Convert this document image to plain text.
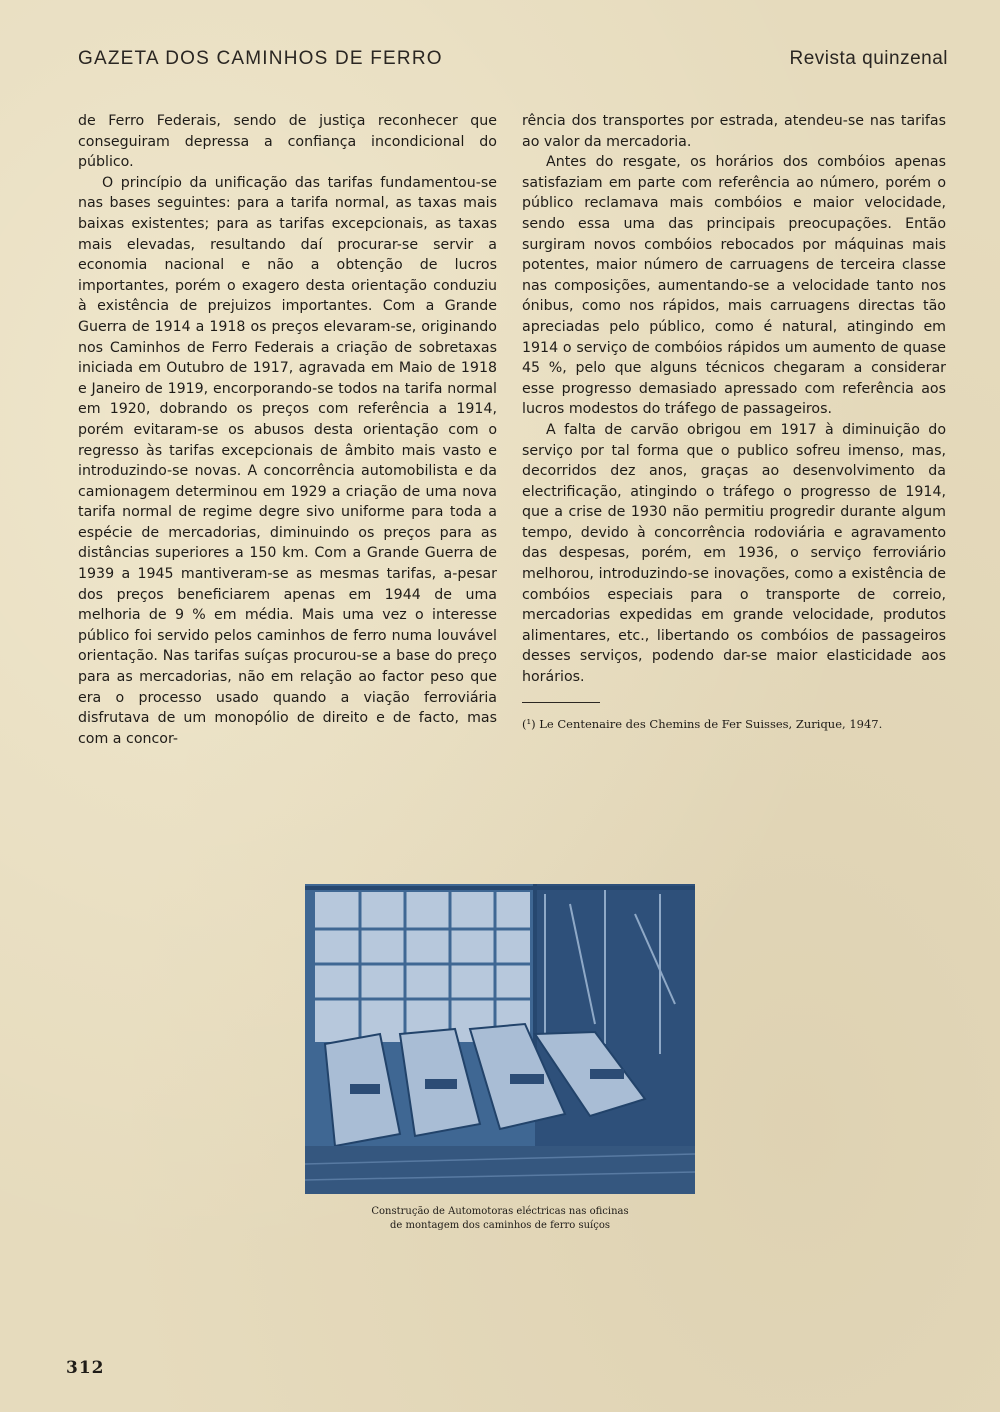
GAZETA DOS CAMINHOS DE FERRO	Revista quinzenal

de Ferro Federais, sendo de justiça reconhecer que conseguiram depressa a confiança incondicional do público.

O princípio da unificação das tarifas fundamentou-se nas bases seguintes: para a tarifa normal, as taxas mais baixas existentes; para as tarifas excepcionais, as taxas mais elevadas, resultando daí procurar-se servir a economia nacional e não a obtenção de lucros importantes, porém o exagero desta orientação conduziu à existência de prejuizos importantes. Com a Grande Guerra de 1914 a 1918 os preços elevaram-se, originando nos Caminhos de Ferro Federais a criação de sobretaxas iniciada em Outubro de 1917, agravada em Maio de 1918 e Janeiro de 1919, encorporando-se todos na tarifa normal em 1920, dobrando os preços com referência a 1914, porém evitaram-se os abusos desta orientação com o regresso às tarifas excepcionais de âmbito mais vasto e introduzindo-se novas. A concorrência automobilista e da camionagem determinou em 1929 a criação de uma nova tarifa normal de regime degre sivo uniforme para toda a espécie de mercadorias, diminuindo os preços para as distâncias superiores a 150 km. Com a Grande Guerra de 1939 a 1945 mantiveram-se as mesmas tarifas, a-pesar dos preços beneficiarem apenas em 1944 de uma melhoria de 9 % em média. Mais uma vez o interesse público foi servido pelos caminhos de ferro numa louvável orientação. Nas tarifas suíças procurou-se a base do preço para as mercadorias, não em relação ao factor peso que era o processo usado quando a viação ferroviária disfrutava de um monopólio de direito e de facto, mas com a concor-

rência dos transportes por estrada, atendeu-se nas tarifas ao valor da mercadoria.

Antes do resgate, os horários dos combóios apenas satisfaziam em parte com referência ao número, porém o público reclamava mais combóios e maior velocidade, sendo essa uma das principais preocupações. Então surgiram novos combóios rebocados por máquinas mais potentes, maior número de carruagens de terceira classe nas composições, aumentando-se a velocidade tanto nos ónibus, como nos rápidos, mais carruagens directas tão apreciadas pelo público, como é natural, atingindo em 1914 o serviço de combóios rápidos um aumento de quase 45 %, pelo que alguns técnicos chegaram a considerar esse progresso demasiado apressado com referência aos lucros modestos do tráfego de passageiros.

A falta de carvão obrigou em 1917 à diminuição do serviço por tal forma que o publico sofreu imenso, mas, decorridos dez anos, graças ao desenvolvimento da electrificação, atingindo o tráfego o progresso de 1914, que a crise de 1930 não permitiu progredir durante algum tempo, devido à concorrência rodoviária e agravamento das despesas, porém, em 1936, o serviço ferroviário melhorou, introduzindo-se inovações, como a existência de combóios especiais para o transporte de correio, mercadorias expedidas em grande velocidade, produtos alimentares, etc., libertando os combóios de passageiros desses serviços, podendo dar-se maior elasticidade aos horários.

(¹) Le Centenaire des Chemins de Fer Suisses, Zurique, 1947.

Construção de Automotoras eléctricas nas oficinas
de montagem dos caminhos de ferro suíços
312
